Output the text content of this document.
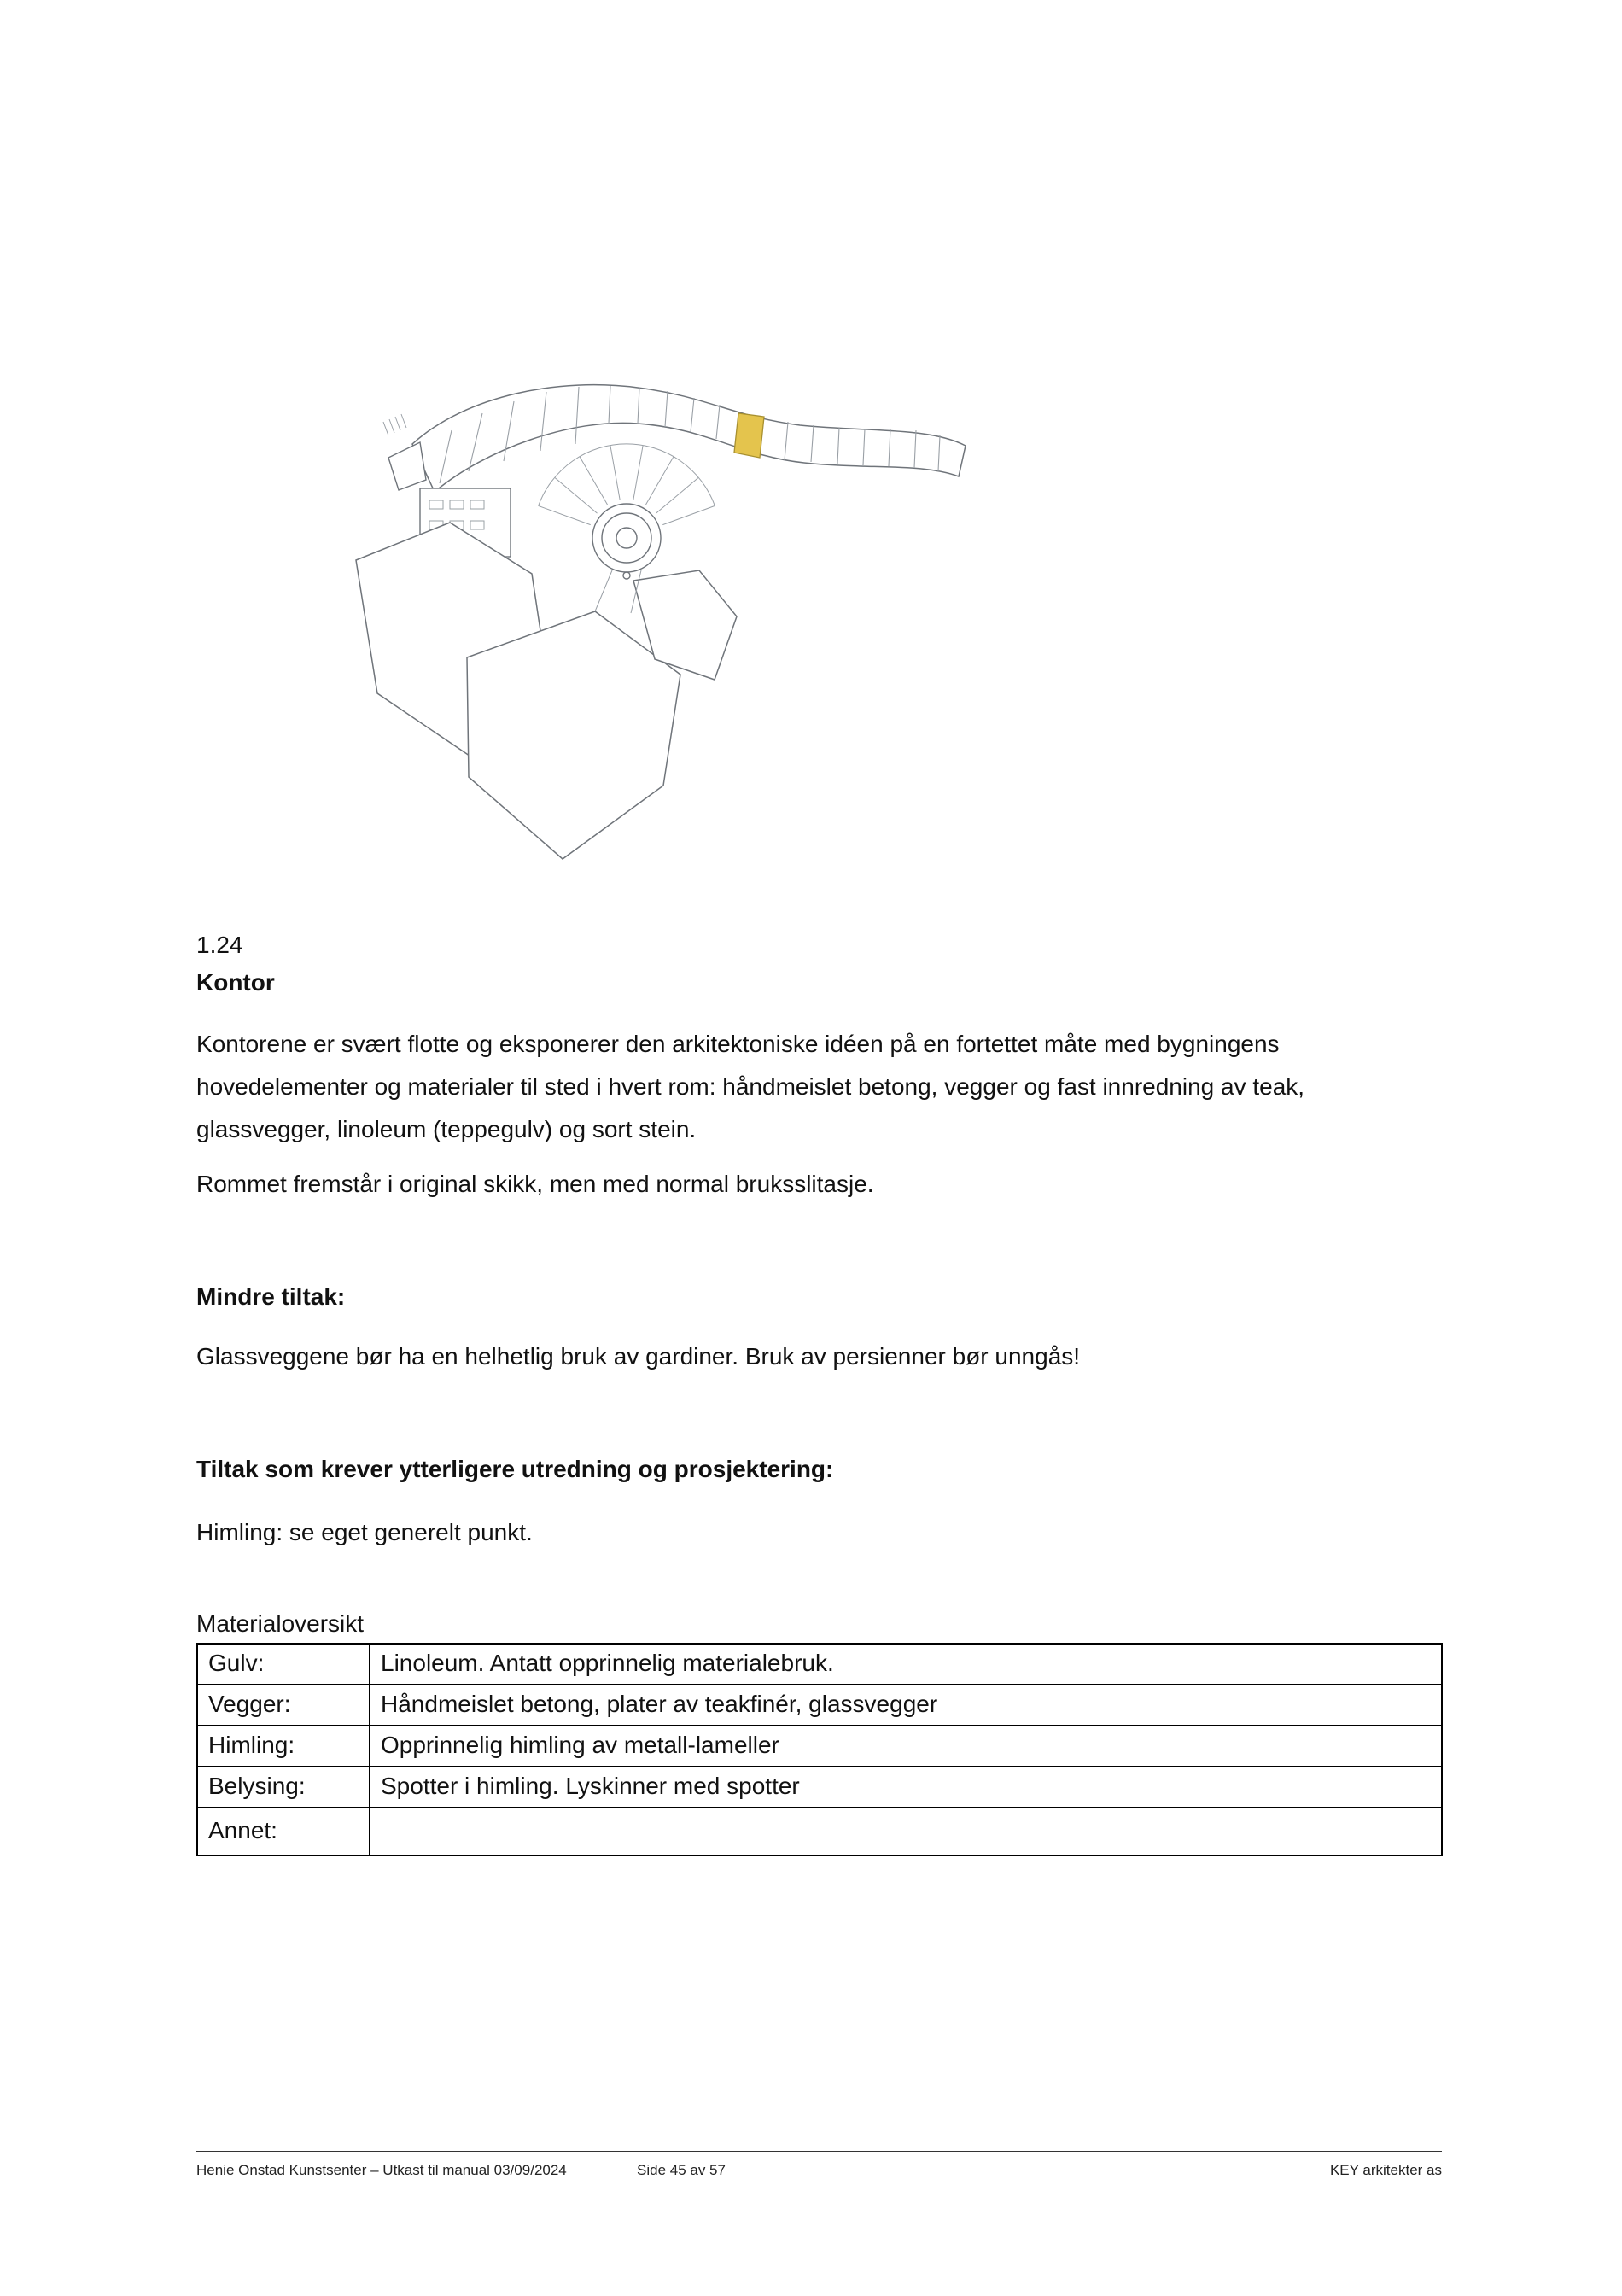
1.24
Kontor
Kontorene er svært flotte og eksponerer den arkitektoniske idéen på en fortettet måte med bygningens hovedelementer og materialer til sted i hvert rom: håndmeislet betong, vegger og fast innredning av teak, glassvegger, linoleum (teppegulv) og sort stein.
Rommet fremstår i original skikk, men med normal bruksslitasje.
Mindre tiltak:
Glassveggene bør ha en helhetlig bruk av gardiner. Bruk av persienner bør unngås!
Tiltak som krever ytterligere utredning og prosjektering:
Himling: se eget generelt punkt.
Materialoversikt
Gulv:	Linoleum. Antatt opprinnelig materialebruk.
Vegger:	Håndmeislet betong, plater av teakfinér, glassvegger
Himling:	Opprinnelig himling av metall-lameller
Belysing:	Spotter i himling. Lyskinner med spotter
Annet:	
Henie Onstad Kunstsenter – Utkast til manual 03/09/2024	Side 45 av 57	KEY arkitekter as
